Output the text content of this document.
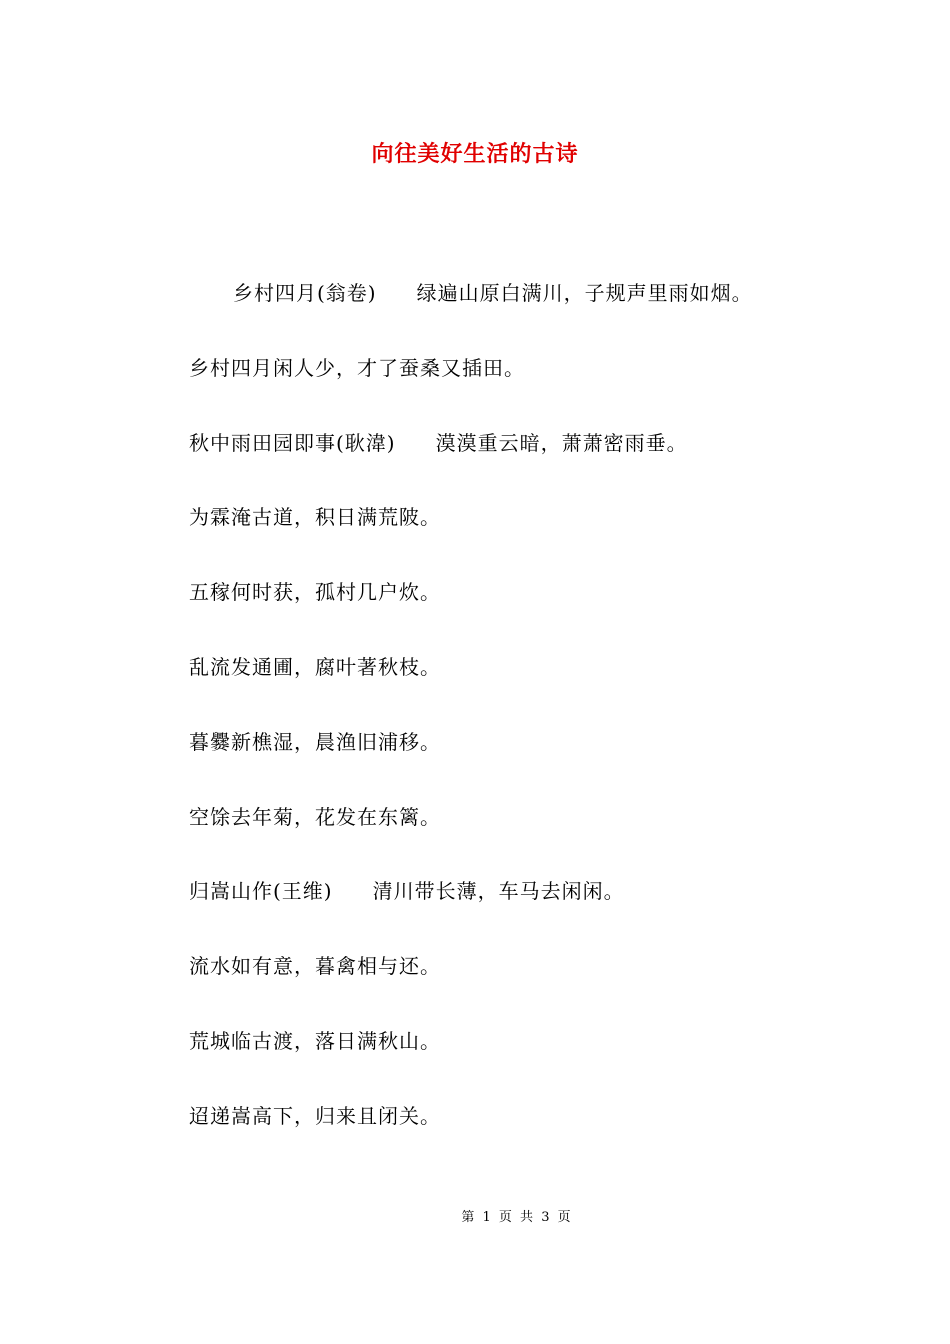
向往美好生活的古诗
乡村四月(翁卷) 绿遍山原白满川，子规声里雨如烟。
乡村四月闲人少，才了蚕桑又插田。
秋中雨田园即事(耿湋) 漠漠重云暗，萧萧密雨垂。
为霖淹古道，积日满荒陂。
五稼何时获，孤村几户炊。
乱流发通圃，腐叶著秋枝。
暮爨新樵湿，晨渔旧浦移。
空馀去年菊，花发在东篱。
归嵩山作(王维) 清川带长薄，车马去闲闲。
流水如有意，暮禽相与还。
荒城临古渡，落日满秋山。
迢递嵩高下，归来且闭关。
第 1 页 共 3 页
